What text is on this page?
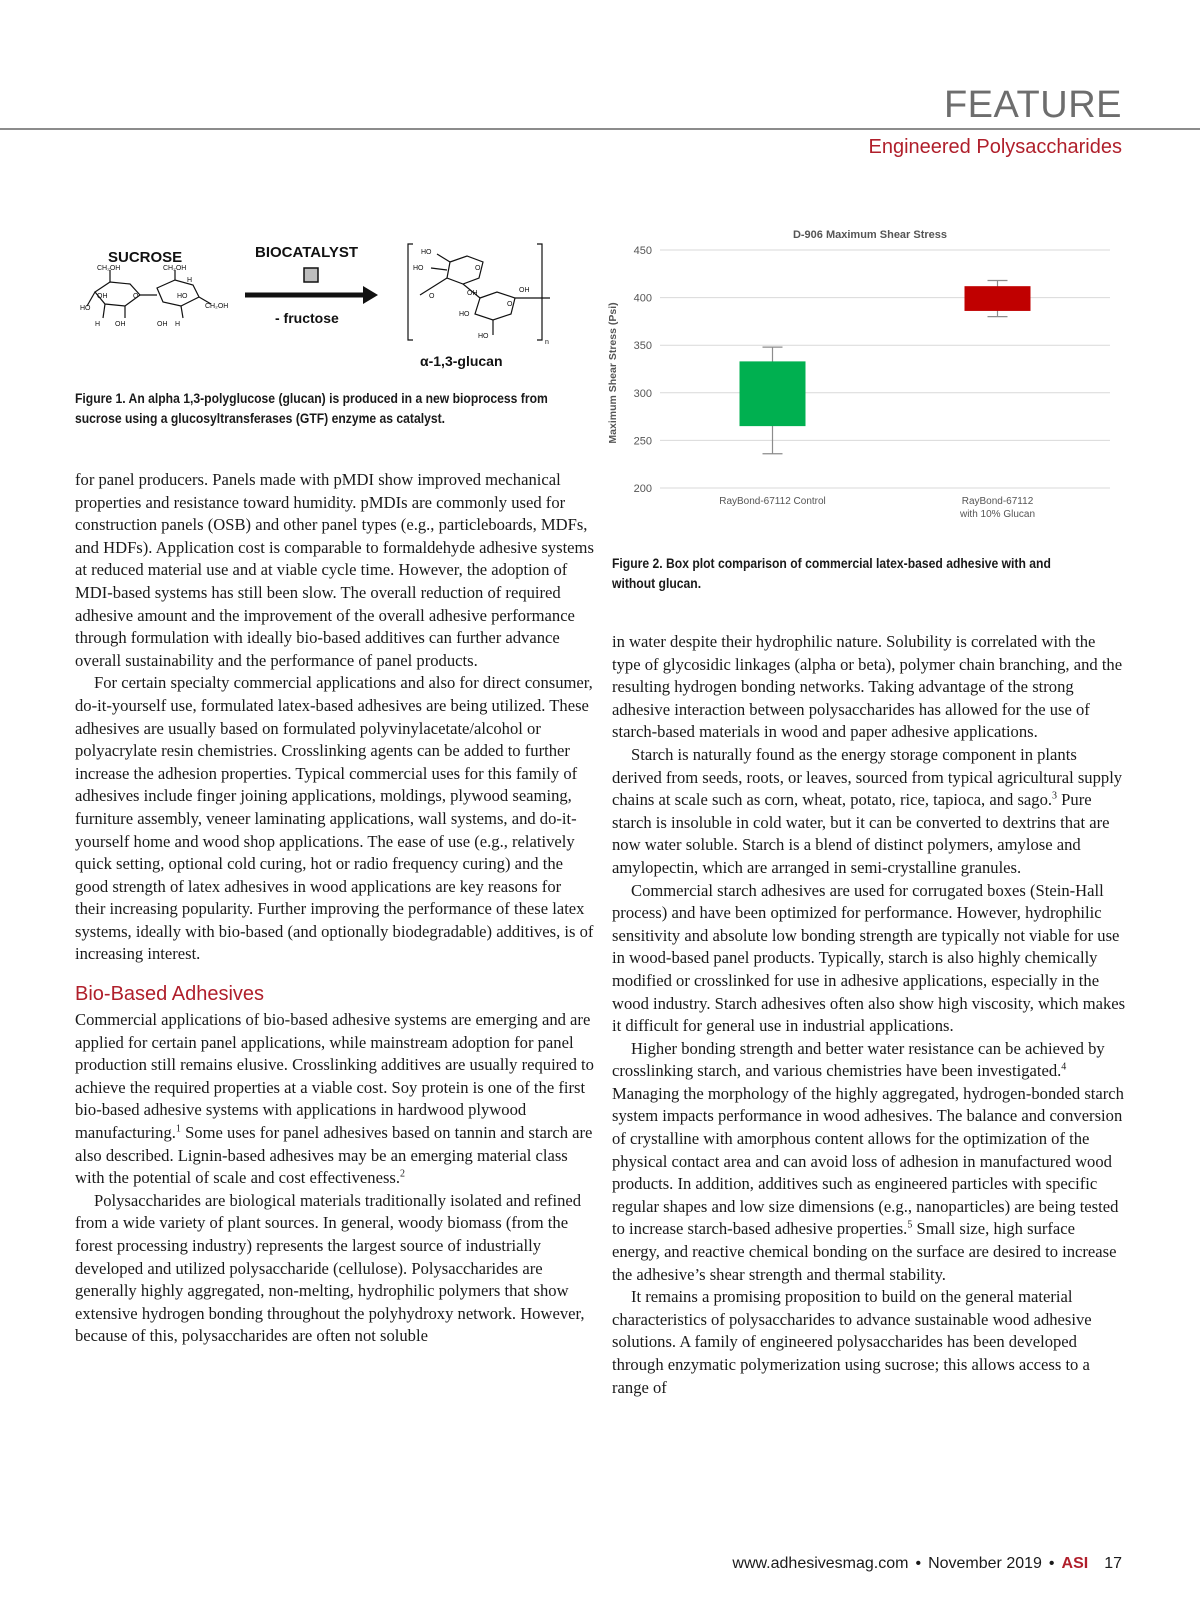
FEATURE
Engineered Polysaccharides
SUCROSE
CH₂OH
HO
OH
H
OH	O
CH₂OH
CH₂OH
H
OH
HO
H
BIOCATALYST
- fructose
HO
HO	O
O	OH	OH
HO
O
HO
n
α-1,3-glucan
Figure 1. An alpha 1,3-polyglucose (glucan) is produced in a new bioprocess from sucrose using a glucosyltransferases (GTF) enzyme as catalyst.
D-906 Maximum Shear Stress
Maximum Shear Stress (Psi)
200
250
300
350
400
450
RayBond-67112 Control	RayBond-67112 with 10% Glucan
Figure 2. Box plot comparison of commercial latex-based adhesive with and without glucan.

for panel producers. Panels made with pMDI show improved mechanical properties and resistance toward humidity. pMDIs are commonly used for construction panels (OSB) and other panel types (e.g., particleboards, MDFs, and HDFs). Application cost is comparable to formaldehyde adhesive systems at reduced material use and at viable cycle time. However, the adoption of MDI-based systems has still been slow. The overall reduction of required adhesive amount and the improvement of the overall adhesive performance through formulation with ideally bio-based additives can further advance overall sustainability and the performance of panel products.

For certain specialty commercial applications and also for direct consumer, do-it-yourself use, formulated latex-based adhesives are being utilized. These adhesives are usually based on formulated polyvinylacetate/alcohol or polyacrylate resin chemistries. Crosslinking agents can be added to further increase the adhesion properties. Typical commercial uses for this family of adhesives include finger joining applications, moldings, plywood seaming, furniture assembly, veneer laminating applications, wall systems, and do-it-yourself home and wood shop applications. The ease of use (e.g., relatively quick setting, optional cold curing, hot or radio frequency curing) and the good strength of latex adhesives in wood applications are key reasons for their increasing popularity. Further improving the performance of these latex systems, ideally with bio-based (and optionally biodegradable) additives, is of increasing interest.

Bio-Based Adhesives

Commercial applications of bio-based adhesive systems are emerging and are applied for certain panel applications, while mainstream adoption for panel production still remains elusive. Crosslinking additives are usually required to achieve the required properties at a viable cost. Soy protein is one of the first bio-based adhesive systems with applications in hardwood plywood manufacturing.$^1$ Some uses for panel adhesives based on tannin and starch are also described. Lignin-based adhesives may be an emerging material class with the potential of scale and cost effectiveness.$^2$

Polysaccharides are biological materials traditionally isolated and refined from a wide variety of plant sources. In general, woody biomass (from the forest processing industry) represents the largest source of industrially developed and utilized polysaccharide (cellulose). Polysaccharides are generally highly aggregated, non-melting, hydrophilic polymers that show extensive hydrogen bonding throughout the polyhydroxy network. However, because of this, polysaccharides are often not soluble

in water despite their hydrophilic nature. Solubility is correlated with the type of glycosidic linkages (alpha or beta), polymer chain branching, and the resulting hydrogen bonding networks. Taking advantage of the strong adhesive interaction between polysaccharides has allowed for the use of starch-based materials in wood and paper adhesive applications.

Starch is naturally found as the energy storage component in plants derived from seeds, roots, or leaves, sourced from typical agricultural supply chains at scale such as corn, wheat, potato, rice, tapioca, and sago.$^3$ Pure starch is insoluble in cold water, but it can be converted to dextrins that are now water soluble. Starch is a blend of distinct polymers, amylose and amylopectin, which are arranged in semi-crystalline granules.

Commercial starch adhesives are used for corrugated boxes (Stein-Hall process) and have been optimized for performance. However, hydrophilic sensitivity and absolute low bonding strength are typically not viable for use in wood-based panel products. Typically, starch is also highly chemically modified or crosslinked for use in adhesive applications, especially in the wood industry. Starch adhesives often also show high viscosity, which makes it difficult for general use in industrial applications.

Higher bonding strength and better water resistance can be achieved by crosslinking starch, and various chemistries have been investigated.$^4$ Managing the morphology of the highly aggregated, hydrogen-bonded starch system impacts performance in wood adhesives. The balance and conversion of crystalline with amorphous content allows for the optimization of the physical contact area and can avoid loss of adhesion in manufactured wood products. In addition, additives such as engineered particles with specific regular shapes and low size dimensions (e.g., nanoparticles) are being tested to increase starch-based adhesive properties.$^5$ Small size, high surface energy, and reactive chemical bonding on the surface are desired to increase the adhesive’s shear strength and thermal stability.

It remains a promising proposition to build on the general material characteristics of polysaccharides to advance sustainable wood adhesive solutions. A family of engineered polysaccharides has been developed through enzymatic polymerization using sucrose; this allows access to a range of

www.adhesivesmag.com • November 2019 • ASI 17
